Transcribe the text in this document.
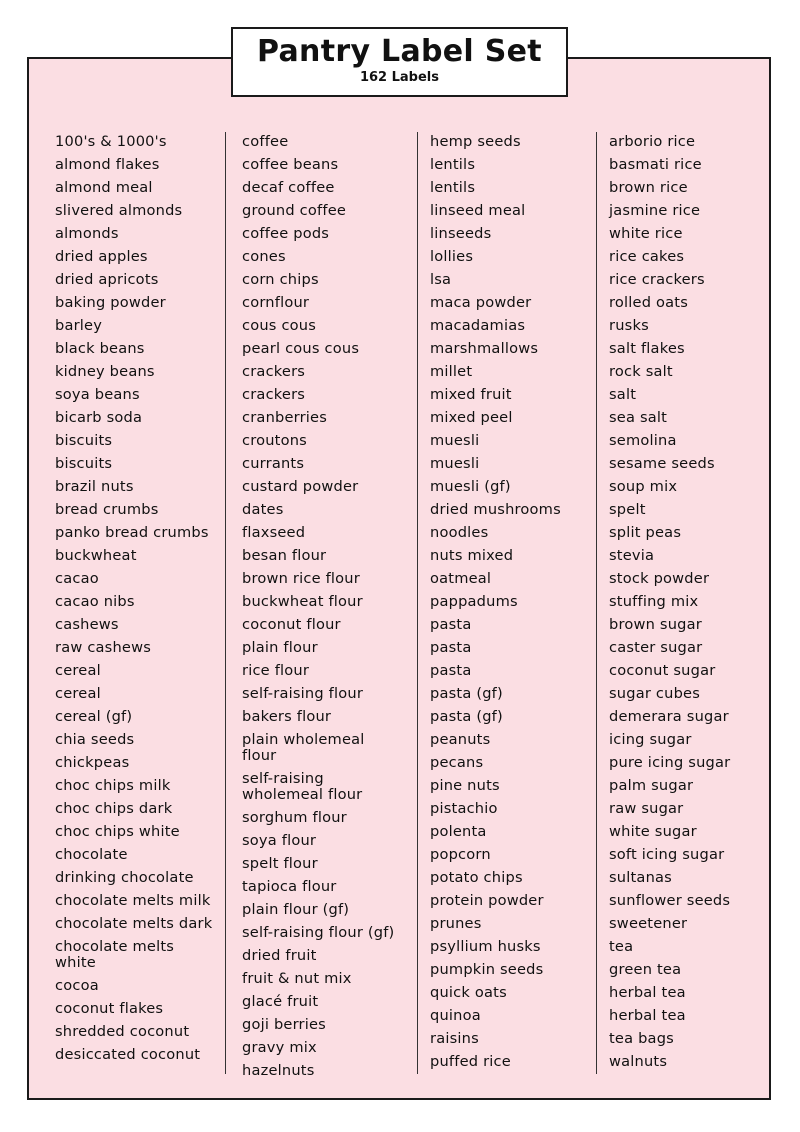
Pantry Label Set
162 Labels
100's & 1000's
almond flakes
almond meal
slivered almonds
almonds
dried apples
dried apricots
baking powder
barley
black beans
kidney beans
soya beans
bicarb soda
biscuits
biscuits
brazil nuts
bread crumbs
panko bread crumbs
buckwheat
cacao
cacao nibs
cashews
raw cashews
cereal
cereal
cereal (gf)
chia seeds
chickpeas
choc chips milk
choc chips dark
choc chips white
chocolate
drinking chocolate
chocolate melts milk
chocolate melts dark
chocolate melts
white
cocoa
coconut flakes
shredded coconut
desiccated coconut
coffee
coffee beans
decaf coffee
ground coffee
coffee pods
cones
corn chips
cornflour
cous cous
pearl cous cous
crackers
crackers
cranberries
croutons
currants
custard powder
dates
flaxseed
besan flour
brown rice flour
buckwheat flour
coconut flour
plain flour
rice flour
self-raising flour
bakers flour
plain wholemeal
flour
self-raising
wholemeal flour
sorghum flour
soya flour
spelt flour
tapioca flour
plain flour (gf)
self-raising flour (gf)
dried fruit
fruit & nut mix
glacé fruit
goji berries
gravy mix
hazelnuts
hemp seeds
lentils
lentils
linseed meal
linseeds
lollies
lsa
maca powder
macadamias
marshmallows
millet
mixed fruit
mixed peel
muesli
muesli
muesli (gf)
dried mushrooms
noodles
nuts mixed
oatmeal
pappadums
pasta
pasta
pasta
pasta (gf)
pasta (gf)
peanuts
pecans
pine nuts
pistachio
polenta
popcorn
potato chips
protein powder
prunes
psyllium husks
pumpkin seeds
quick oats
quinoa
raisins
puffed rice
arborio rice
basmati rice
brown rice
jasmine rice
white rice
rice cakes
rice crackers
rolled oats
rusks
salt flakes
rock salt
salt
sea salt
semolina
sesame seeds
soup mix
spelt
split peas
stevia
stock powder
stuffing mix
brown sugar
caster sugar
coconut sugar
sugar cubes
demerara sugar
icing sugar
pure icing sugar
palm sugar
raw sugar
white sugar
soft icing sugar
sultanas
sunflower seeds
sweetener
tea
green tea
herbal tea
herbal tea
tea bags
walnuts
